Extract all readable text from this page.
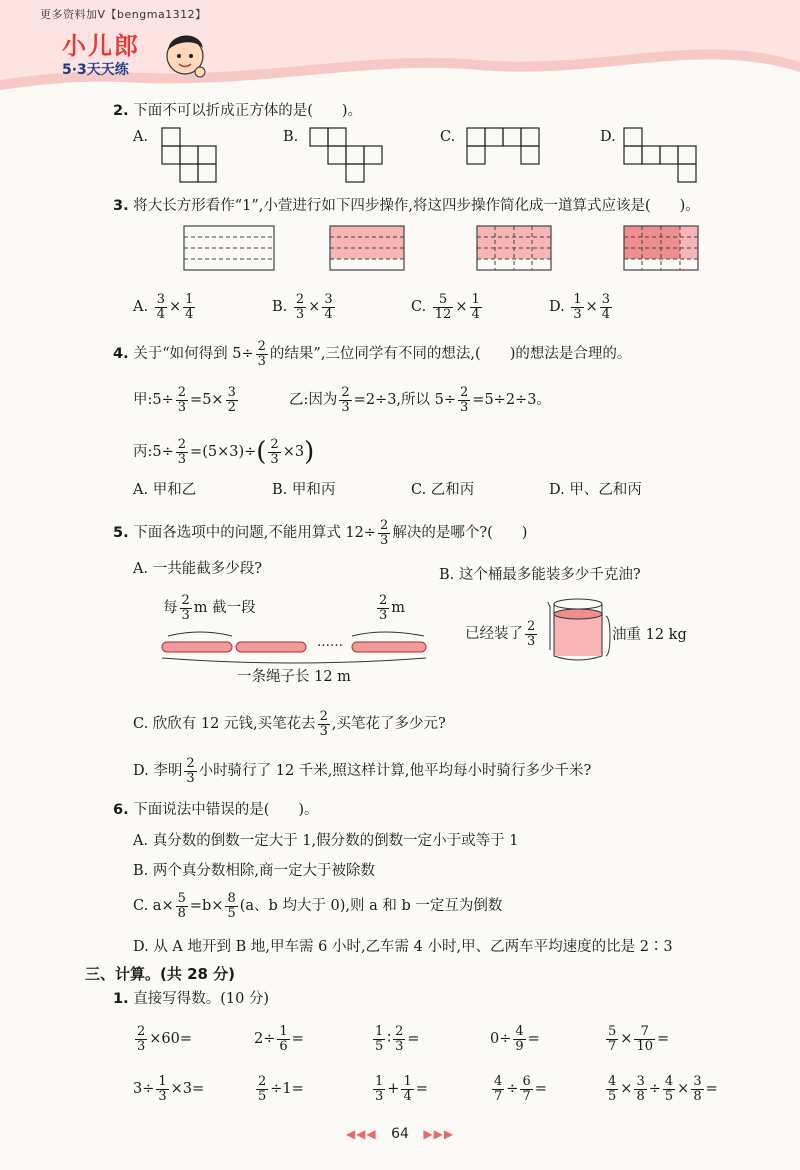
更多资料加V【bengma1312】
小儿郎
5·3天天练
2. 下面不可以折成正方体的是(　　)。
A.	B.	C.	D.
3. 将大长方形看作“1”,小萱进行如下四步操作,将这四步操作简化成一道算式应该是(　　)。
A. $\frac{3}{4} \times \frac{1}{4}$	B. $\frac{2}{3} \times \frac{3}{4}$	C. $\frac{5}{12} \times \frac{1}{4}$	D. $\frac{1}{3} \times \frac{3}{4}$
4. 关于“如何得到 $5\div \frac{2}{3}$ 的结果”,三位同学有不同的想法,(　　)的想法是合理的。
甲:5÷ $\frac{2}{3} =5\times \frac{3}{2}$	乙:因为 $\frac{2}{3} =2\div 3$,所以 $5\div \frac{2}{3} =5\div 2\div 3$。
丙:5÷ $\frac{2}{3} =(5\times 3)\div( \frac{2}{3} \times 3)$
A. 甲和乙	B. 甲和丙	C. 乙和丙	D. 甲、乙和丙
5. 下面各选项中的问题,不能用算式 $12\div \frac{2}{3}$ 解决的是哪个?(　　)
A. 一共能截多少段?	B. 这个桶最多能装多少千克油?
每 $\frac{2}{3}$ m 截一段	$\frac{2}{3}$ m
……
一条绳子长 12 m
已经装了 $\frac{2}{3}$	油重 12 kg
C. 欣欣有 12 元钱,买笔花去 $\frac{2}{3}$ ,买笔花了多少元?
D. 李明 $\frac{2}{3}$ 小时骑行了 12 千米,照这样计算,他平均每小时骑行多少千米?
6. 下面说法中错误的是(　　)。
A. 真分数的倒数一定大于 1,假分数的倒数一定小于或等于 1
B. 两个真分数相除,商一定大于被除数
C. $a\times \frac{5}{8} =b\times \frac{8}{5} (a$、b 均大于 0),则 a 和 b 一定互为倒数
D. 从 A 地开到 B 地,甲车需 6 小时,乙车需 4 小时,甲、乙两车平均速度的比是 2∶3
三、计算。(共 28 分)
1. 直接写得数。(10 分)
$\frac{2}{3} \times 60=$	$2\div \frac{1}{6}$ =	$\frac{1}{5}$ ∶ $\frac{2}{3}$ =	$0\div \frac{4}{9}$ =	$\frac{5}{7} \times \frac{7}{10}$ =
$3\div \frac{1}{3} \times 3=$	$\frac{2}{5} \div 1=$	$\frac{1}{3} + \frac{1}{4}$ =	$\frac{4}{7} \div \frac{6}{7}$ =	$\frac{4}{5} \times \frac{3}{8} \div \frac{4}{5} \times \frac{3}{8}$ =
◀◀◀ 64 ▶▶▶
